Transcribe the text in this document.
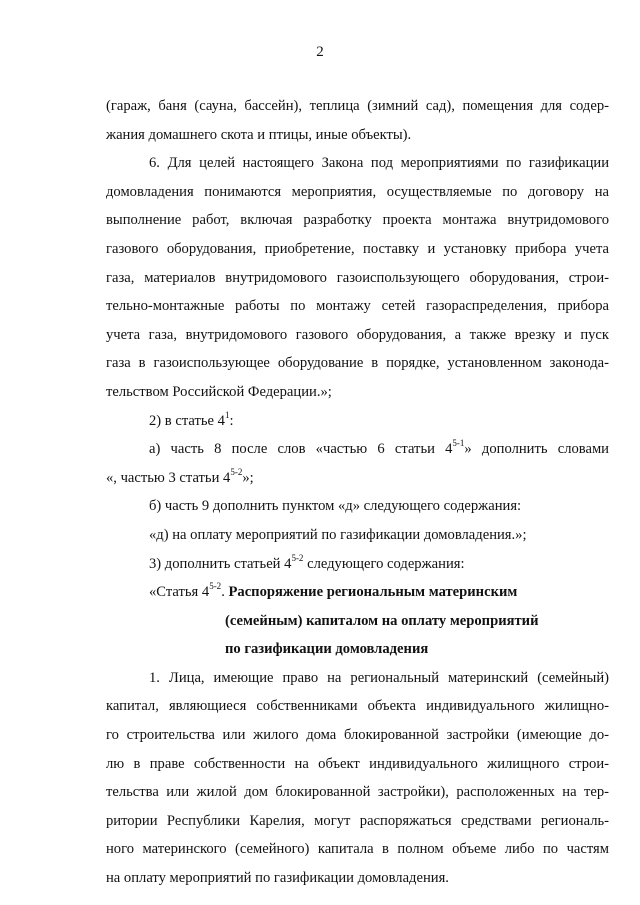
2
(гараж, баня (сауна, бассейн), теплица (зимний сад), помещения для содер-
жания домашнего скота и птицы, иные объекты).
6. Для целей настоящего Закона под мероприятиями по газификации
домовладения понимаются мероприятия, осуществляемые по договору на
выполнение работ, включая разработку проекта монтажа внутридомового
газового оборудования, приобретение, поставку и установку прибора учета
газа, материалов внутридомового газоиспользующего оборудования, строи-
тельно-монтажные работы по монтажу сетей газораспределения, прибора
учета газа, внутридомового газового оборудования, а также врезку и пуск
газа в газоиспользующее оборудование в порядке, установленном законода-
тельством Российской Федерации.»;
2) в статье $4^1$:
а) часть 8 после слов «частью 6 статьи 4$^{5-1}$» дополнить словами
«, частью 3 статьи 4$^{5-2}$»;
б) часть 9 дополнить пунктом «д» следующего содержания:
«д) на оплату мероприятий по газификации домовладения.»;
3) дополнить статьей 4$^{5-2}$ следующего содержания:
«Статья 4$^{5-2}$. Распоряжение региональным материнским
(семейным) капиталом на оплату мероприятий
по газификации домовладения
1. Лица, имеющие право на региональный материнский (семейный)
капитал, являющиеся собственниками объекта индивидуального жилищно-
го строительства или жилого дома блокированной застройки (имеющие до-
лю в праве собственности на объект индивидуального жилищного строи-
тельства или жилой дом блокированной застройки), расположенных на тер-
ритории Республики Карелия, могут распоряжаться средствами региональ-
ного материнского (семейного) капитала в полном объеме либо по частям
на оплату мероприятий по газификации домовладения.
